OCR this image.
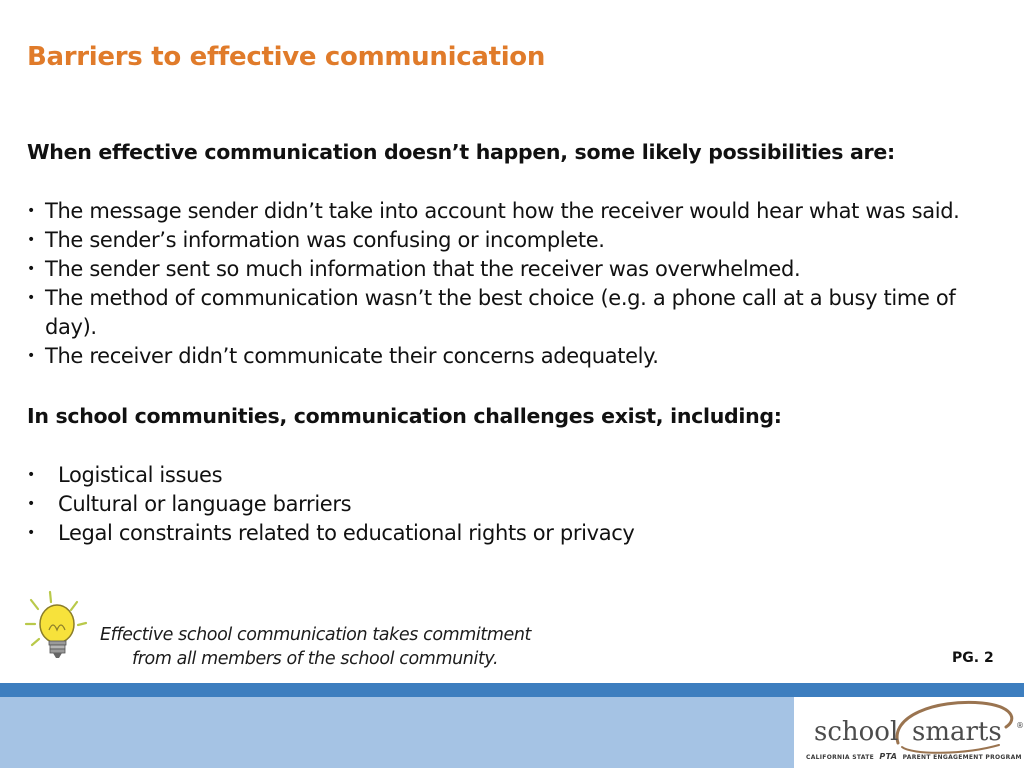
Barriers to effective communication

When effective communication doesn’t happen, some likely possibilities are:

• The message sender didn’t take into account how the receiver would hear what was said.
• The sender’s information was confusing or incomplete.
• The sender sent so much information that the receiver was overwhelmed.
• The method of communication wasn’t the best choice (e.g. a phone call at a busy time of day).
• The receiver didn’t communicate their concerns adequately.

In school communities, communication challenges exist, including:

• Logistical issues
• Cultural or language barriers
• Legal constraints related to educational rights or privacy

Effective school communication takes commitment
from all members of the school community.	PG. 2

school smarts ®
CALIFORNIA STATE PTA PARENT ENGAGEMENT PROGRAM
